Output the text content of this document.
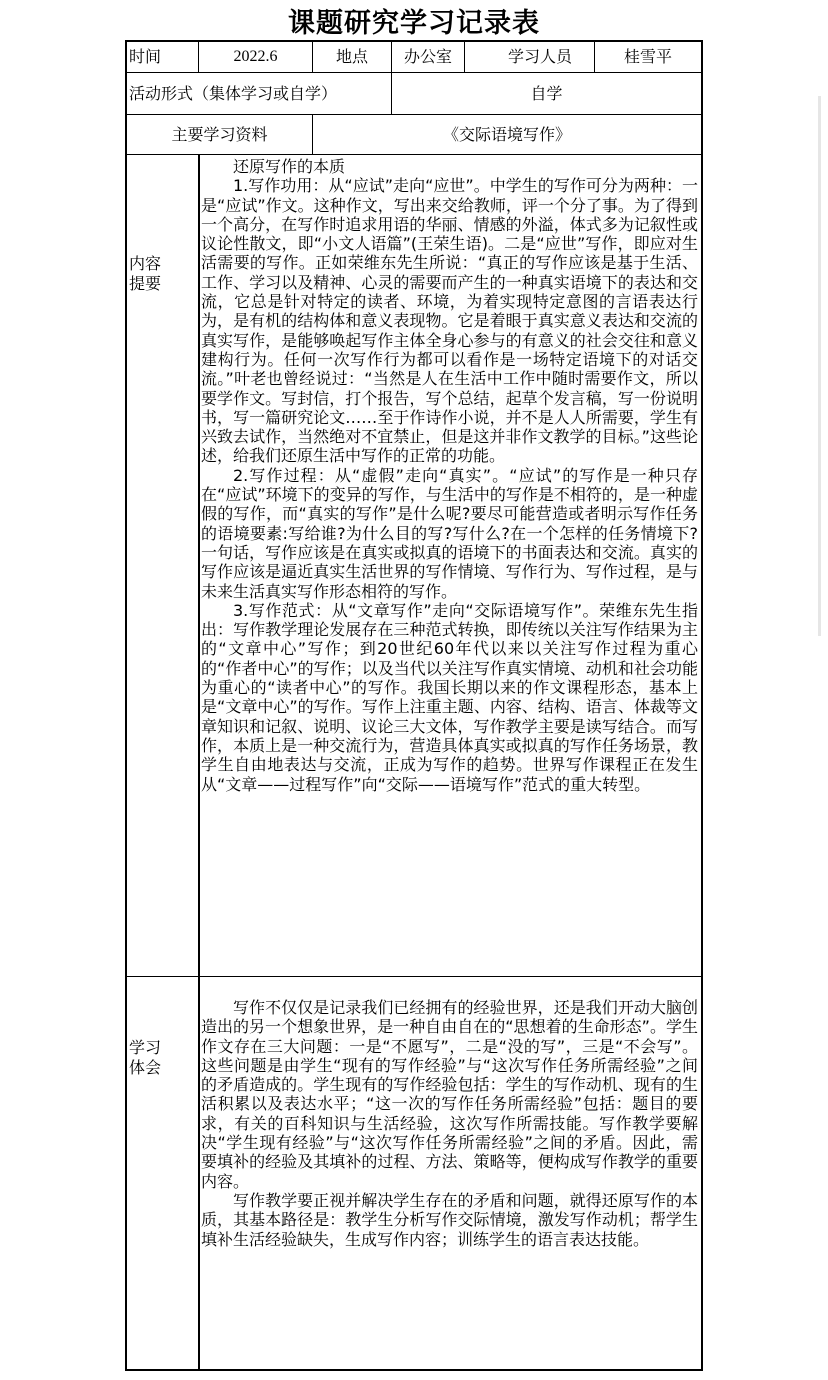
课题研究学习记录表
时间	2022.6	地点	办公室	学习人员	桂雪平
活动形式（集体学习或自学）	自学
主要学习资料	《交际语境写作》
内容
提要

还原写作的本质

1.写作功用：从“应试”走向“应世”。中学生的写作可分为两种：一是“应试”作文。这种作文，写出来交给教师，评一个分了事。为了得到一个高分，在写作时追求用语的华丽、情感的外溢，体式多为记叙性或议论性散文，即“小文人语篇”(王荣生语)。二是“应世”写作，即应对生活需要的写作。正如荣维东先生所说：“真正的写作应该是基于生活、工作、学习以及精神、心灵的需要而产生的一种真实语境下的表达和交流，它总是针对特定的读者、环境，为着实现特定意图的言语表达行为，是有机的结构体和意义表现物。它是着眼于真实意义表达和交流的真实写作，是能够唤起写作主体全身心参与的有意义的社会交往和意义建构行为。任何一次写作行为都可以看作是一场特定语境下的对话交流。”叶老也曾经说过：“当然是人在生活中工作中随时需要作文，所以要学作文。写封信，打个报告，写个总结，起草个发言稿，写一份说明书，写一篇研究论文……至于作诗作小说，并不是人人所需要，学生有兴致去试作，当然绝对不宜禁止，但是这并非作文教学的目标。”这些论述，给我们还原生活中写作的正常的功能。

2.写作过程：从“虚假”走向“真实”。“应试”的写作是一种只存在“应试”环境下的变异的写作，与生活中的写作是不相符的，是一种虚假的写作，而“真实的写作”是什么呢?要尽可能营造或者明示写作任务的语境要素:写给谁?为什么目的写?写什么?在一个怎样的任务情境下?一句话，写作应该是在真实或拟真的语境下的书面表达和交流。真实的写作应该是逼近真实生活世界的写作情境、写作行为、写作过程，是与未来生活真实写作形态相符的写作。

3.写作范式：从“文章写作”走向“交际语境写作”。荣维东先生指出：写作教学理论发展存在三种范式转换，即传统以关注写作结果为主的“文章中心”写作；到20世纪60年代以来以关注写作过程为重心的“作者中心”的写作；以及当代以关注写作真实情境、动机和社会功能为重心的“读者中心”的写作。我国长期以来的作文课程形态，基本上是“文章中心”的写作。写作上注重主题、内容、结构、语言、体裁等文章知识和记叙、说明、议论三大文体，写作教学主要是读写结合。而写作，本质上是一种交流行为，营造具体真实或拟真的写作任务场景，教学生自由地表达与交流，正成为写作的趋势。世界写作课程正在发生从“文章——过程写作”向“交际——语境写作”范式的重大转型。

学习
体会

写作不仅仅是记录我们已经拥有的经验世界，还是我们开动大脑创造出的另一个想象世界，是一种自由自在的“思想着的生命形态”。学生作文存在三大问题：一是“不愿写”，二是“没的写”，三是“不会写”。这些问题是由学生“现有的写作经验”与“这次写作任务所需经验”之间的矛盾造成的。学生现有的写作经验包括：学生的写作动机、现有的生活积累以及表达水平；“这一次的写作任务所需经验”包括：题目的要求，有关的百科知识与生活经验，这次写作所需技能。写作教学要解决“学生现有经验”与“这次写作任务所需经验”之间的矛盾。因此，需要填补的经验及其填补的过程、方法、策略等，便构成写作教学的重要内容。

写作教学要正视并解决学生存在的矛盾和问题，就得还原写作的本质，其基本路径是：教学生分析写作交际情境，激发写作动机；帮学生填补生活经验缺失，生成写作内容；训练学生的语言表达技能。
